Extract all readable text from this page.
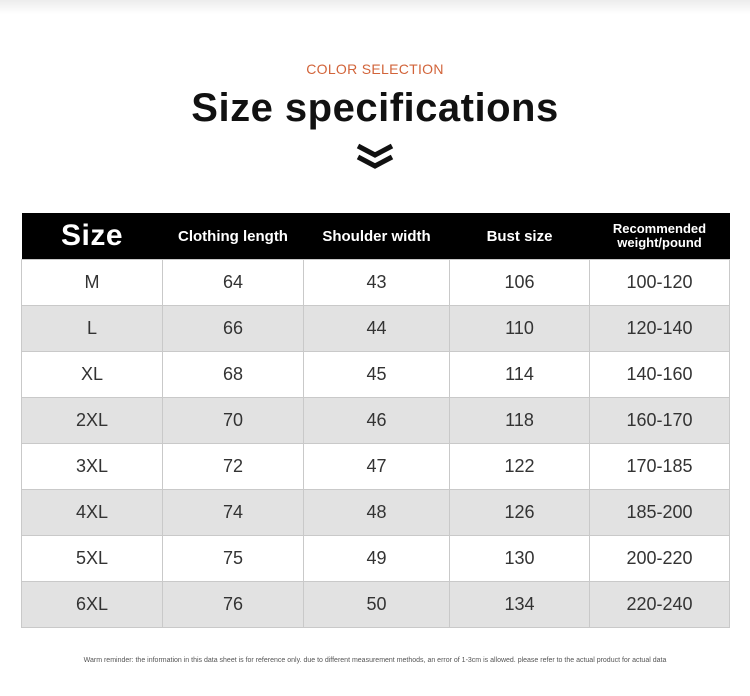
COLOR SELECTION
Size specifications
Size	Clothing length	Shoulder width	Bust size	Recommended weight/pound
M	64	43	106	100-120
L	66	44	110	120-140
XL	68	45	114	140-160
2XL	70	46	118	160-170
3XL	72	47	122	170-185
4XL	74	48	126	185-200
5XL	75	49	130	200-220
6XL	76	50	134	220-240
Warm reminder: the information in this data sheet is for reference only. due to different measurement methods, an error of 1-3cm is allowed. please refer to the actual product for actual data
